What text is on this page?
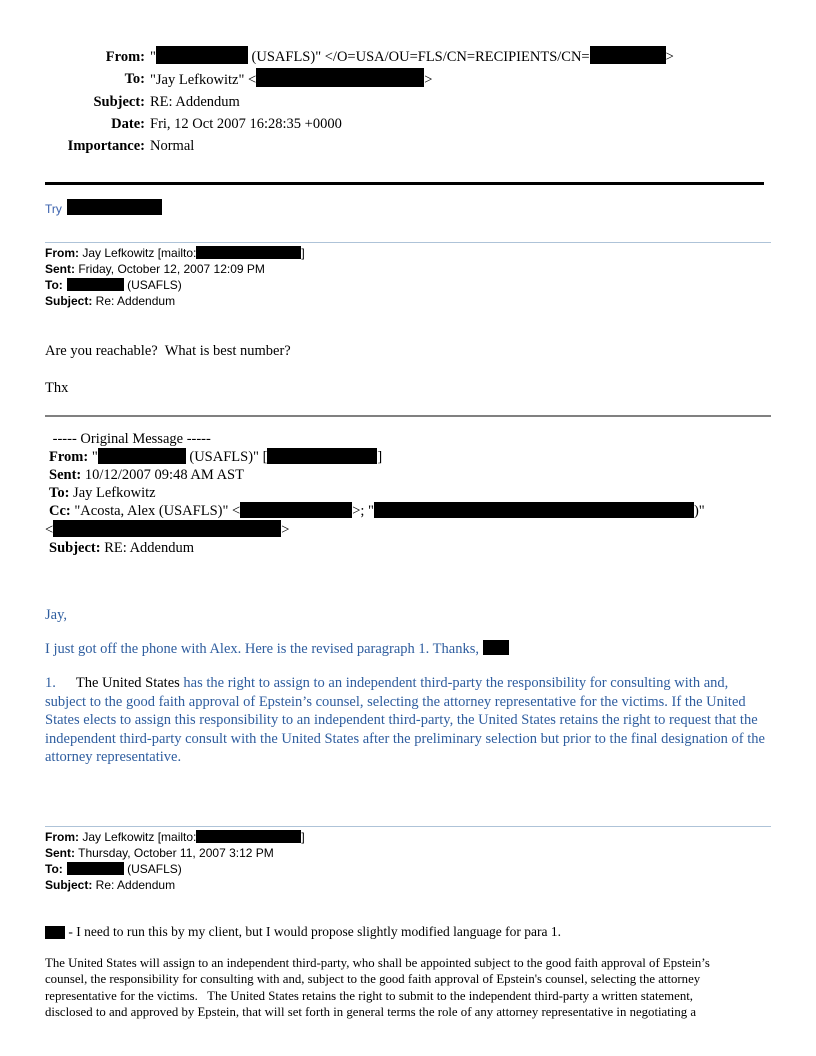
From: "	(USAFLS)" </O=USA/OU=FLS/CN=RECIPIENTS/CN=	>
To: "Jay Lefkowitz" <	>
Subject: RE: Addendum
Date: Fri, 12 Oct 2007 16:28:35 +0000
Importance: Normal
Try
From: Jay Lefkowitz [mailto:	]
Sent: Friday, October 12, 2007 12:09 PM
To:	(USAFLS)
Subject: Re: Addendum
Are you reachable?  What is best number?
Thx
----- Original Message -----
From: "	(USAFLS)" [	]
Sent: 10/12/2007 09:48 AM AST
To: Jay Lefkowitz
Cc: "Acosta, Alex (USAFLS)" <	>; "	)"
<	>
Subject: RE: Addendum
Jay,
I just got off the phone with Alex. Here is the revised paragraph 1. Thanks,
1. The United States has the right to assign to an independent third-party the responsibility for consulting with and, subject to the good faith approval of Epstein’s counsel, selecting the attorney representative for the victims. If the United States elects to assign this responsibility to an independent third-party, the United States retains the right to request that the independent third-party consult with the United States after the preliminary selection but prior to the final designation of the attorney representative.
From: Jay Lefkowitz [mailto:	]
Sent: Thursday, October 11, 2007 3:12 PM
To:	(USAFLS)
Subject: Re: Addendum
- I need to run this by my client, but I would propose slightly modified language for para 1.
The United States will assign to an independent third-party, who shall be appointed subject to the good faith approval of Epstein’s counsel, the responsibility for consulting with and, subject to the good faith approval of Epstein's counsel, selecting the attorney representative for the victims.   The United States retains the right to submit to the independent third-party a written statement, disclosed to and approved by Epstein, that will set forth in general terms the role of any attorney representative in negotiating a
